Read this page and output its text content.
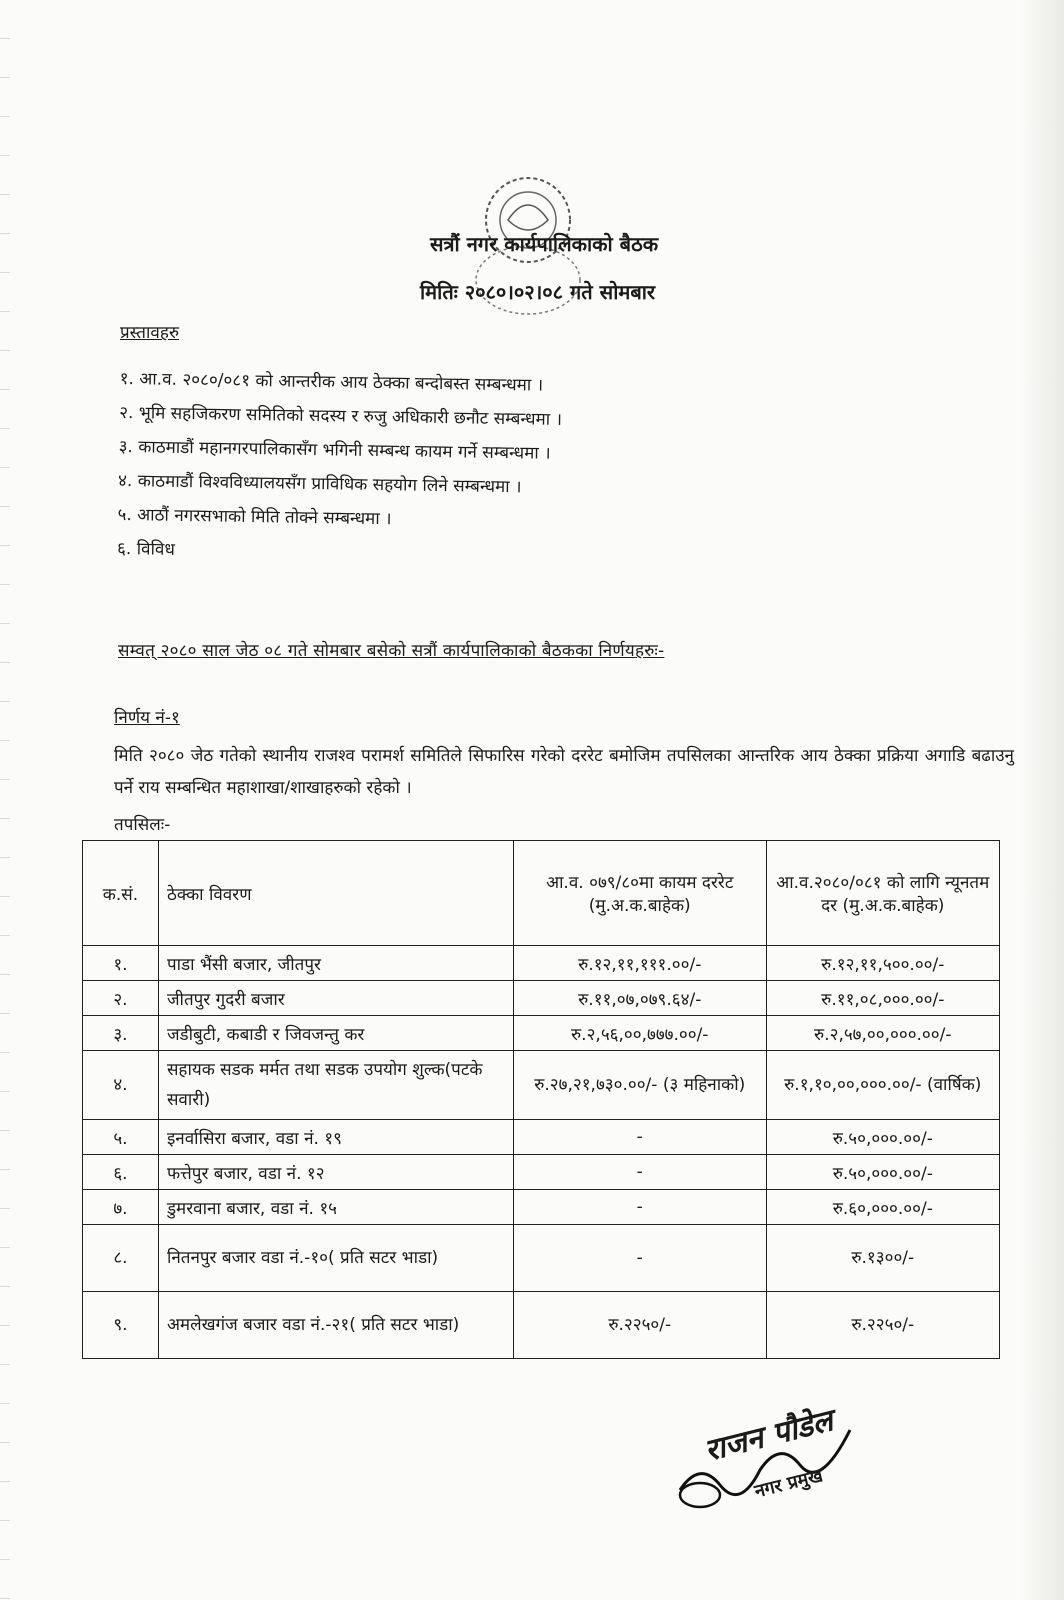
सत्रौं नगर कार्यपालिकाको बैठक
मितिः २०८०।०२।०८ गते सोमबार
प्रस्तावहरु
१. आ.व. २०८०/०८१ को आन्तरीक आय ठेक्का बन्दोबस्त सम्बन्धमा ।
२. भूमि सहजिकरण समितिको सदस्य र रुजु अधिकारी छनौट सम्बन्धमा ।
३. काठमाडौं महानगरपालिकासँग भगिनी सम्बन्ध कायम गर्ने सम्बन्धमा ।
४. काठमाडौं विश्वविध्यालयसँग प्राविधिक सहयोग लिने सम्बन्धमा ।
५. आठौं नगरसभाको मिति तोक्ने सम्बन्धमा ।
६. विविध
सम्वत् २०८० साल जेठ ०८ गते सोमबार बसेको सत्रौं कार्यपालिकाको बैठकका निर्णयहरुः-
निर्णय नं-१
मिति २०८० जेठ गतेको स्थानीय राजश्व परामर्श समितिले सिफारिस गरेको दररेट बमोजिम तपसिलका आन्तरिक आय ठेक्का प्रक्रिया अगाडि बढाउनु पर्ने राय सम्बन्धित महाशाखा/शाखाहरुको रहेको ।
तपसिलः-
क.सं.	ठेक्का विवरण	आ.व. ०७९/८०मा कायम दररेट (मु.अ.क.बाहेक)	आ.व.२०८०/०८१ को लागि न्यूनतम दर (मु.अ.क.बाहेक)
१.	पाडा भैंसी बजार, जीतपुर	रु.१२,११,१११.००/-	रु.१२,११,५००.००/-
२.	जीतपुर गुदरी बजार	रु.११,०७,०७९.६४/-	रु.११,०८,०००.००/-
३.	जडीबुटी, कबाडी र जिवजन्तु कर	रु.२,५६,००,७७७.००/-	रु.२,५७,००,०००.००/-
४.	सहायक सडक मर्मत तथा सडक उपयोग शुल्क(पटके सवारी)	रु.२७,२१,७३०.००/- (३ महिनाको)	रु.१,१०,००,०००.००/- (वार्षिक)
५.	इनर्वासिरा बजार, वडा नं. १९	-	रु.५०,०००.००/-
६.	फत्तेपुर बजार, वडा नं. १२	-	रु.५०,०००.००/-
७.	डुमरवाना बजार, वडा नं. १५	-	रु.६०,०००.००/-
८.	नितनपुर बजार वडा नं.-१०( प्रति सटर भाडा)	-	रु.१३००/-
९.	अमलेखगंज बजार वडा नं.-२१( प्रति सटर भाडा)	रु.२२५०/-	रु.२२५०/-
राजन पौडेल
नगर प्रमुख
